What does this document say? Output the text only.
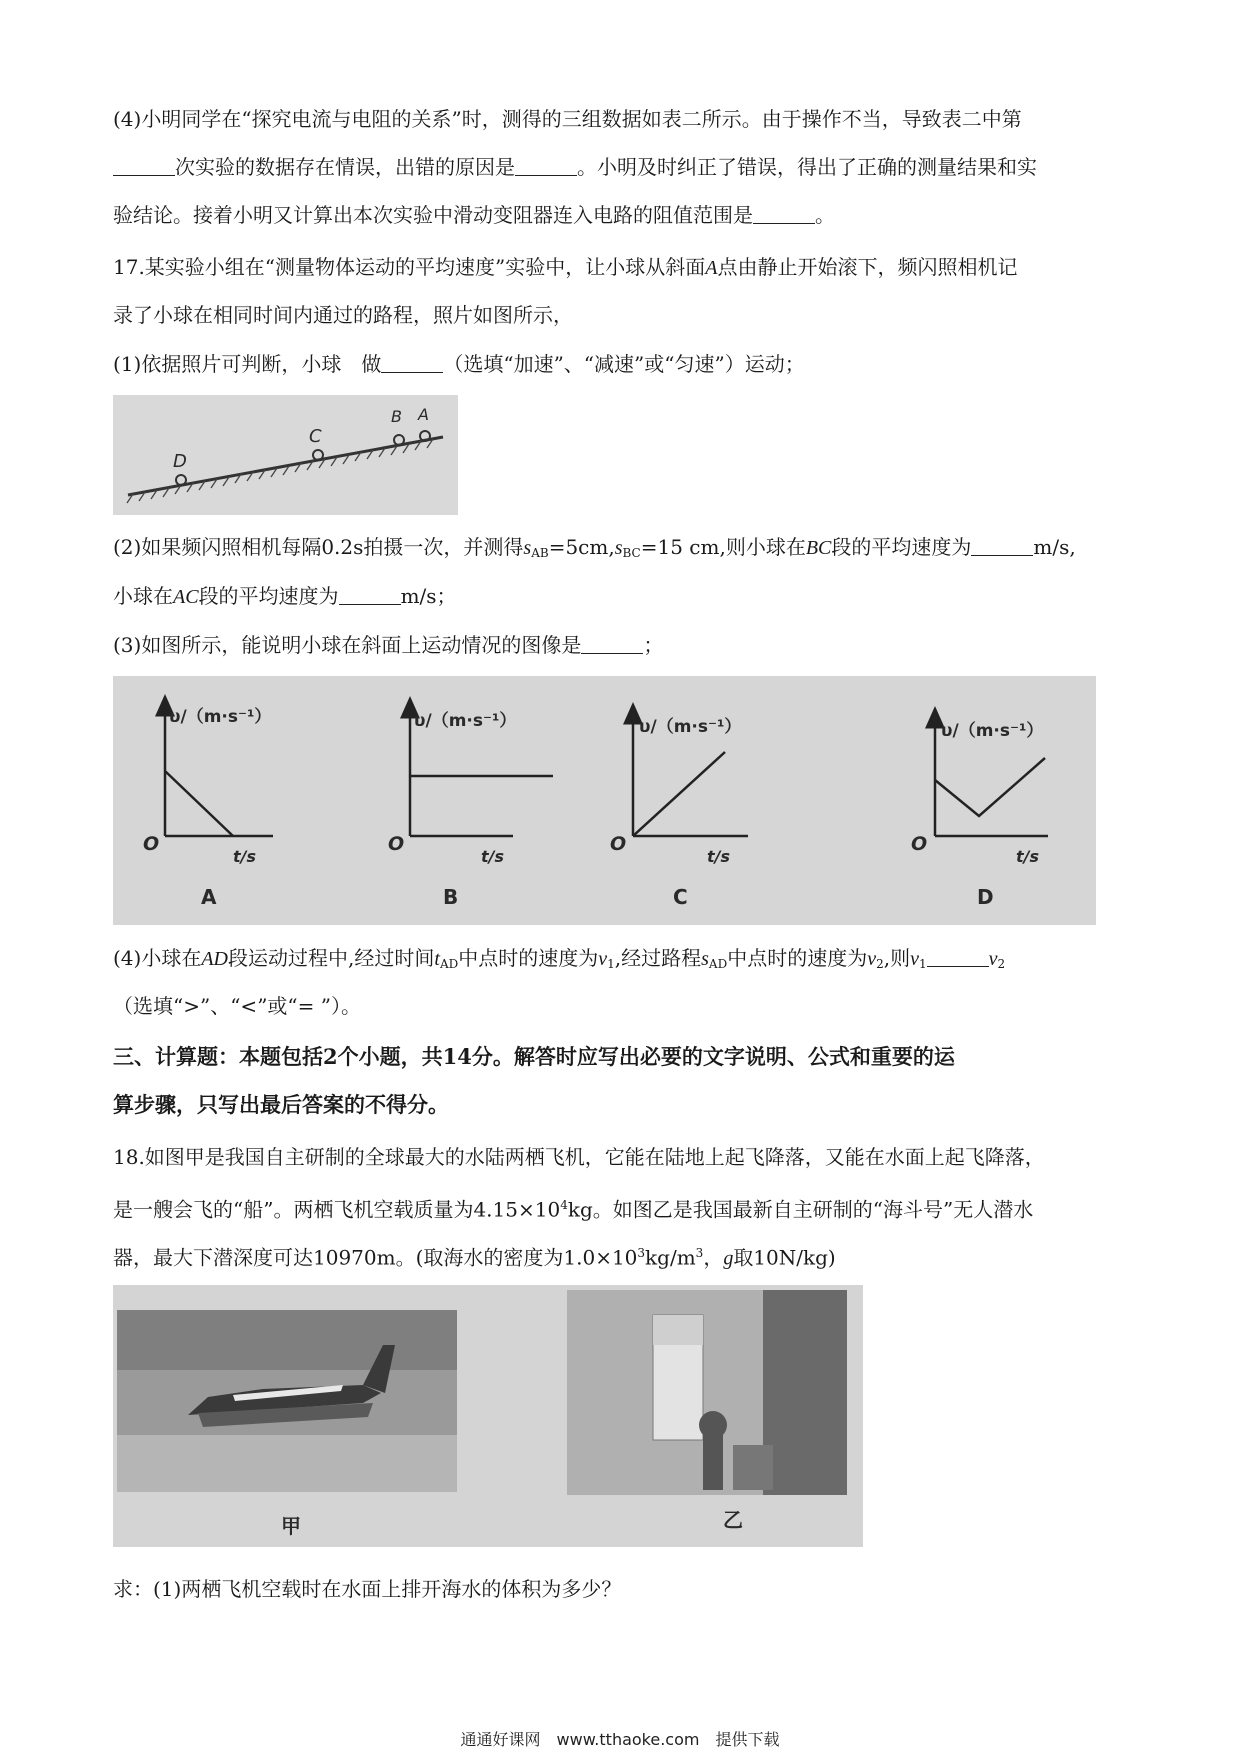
(4)小明同学在“探究电流与电阻的关系”时，测得的三组数据如表二所示。由于操作不当，导致表二中第
次实验的数据存在情误，出错的原因是	。小明及时纠正了错误，得出了正确的测量结果和实
验结论。接着小明又计算出本次实验中滑动变阻器连入电路的阻值范围是	。
17.某实验小组在“测量物体运动的平均速度”实验中，让小球从斜面A点由静止开始滚下，频闪照相机记
录了小球在相同时间内通过的路程，照片如图所示，
(1)依据照片可判断，小球　做	（选填“加速”、“减速”或“匀速”）运动；
D
C
B A
(2)如果频闪照相机每隔0.2s拍摄一次，并测得$s_{AB}=5cm,s_{BC}=15$ cm,则小球在BC段的平均速度为	m/s,
小球在AC段的平均速度为	m/s；
(3)如图所示，能说明小球在斜面上运动情况的图像是	；
υ/（m·s⁻¹）
O
t/s
A
υ/（m·s⁻¹）
O
t/s
B
υ/（m·s⁻¹）
O
t/s
C
υ/（m·s⁻¹）
O
t/s
D
(4)小球在AD段运动过程中,经过时间$t_{AD}$中点时的速度为$v_1$,经过路程$s_{AD}$中点时的速度为$v_2$,则$v_1$	$v_2$
（选填“>”、“<”或“= ”）。
三、计算题：本题包括2个小题，共14分。解答时应写出必要的文字说明、公式和重要的运
算步骤，只写出最后答案的不得分。
18.如图甲是我国自主研制的全球最大的水陆两栖飞机，它能在陆地上起飞降落，又能在水面上起飞降落，
是一艘会飞的“船”。两栖飞机空载质量为$4.15\times 10^4kg$。如图乙是我国最新自主研制的“海斗号”无人潜水
器，最大下潜深度可达10970m。(取海水的密度为$1.0\times 10^3kg/m^3$，g取10N/kg)
甲	乙
求：(1)两栖飞机空载时在水面上排开海水的体积为多少？
通通好课网　www.tthaoke.com　提供下载
